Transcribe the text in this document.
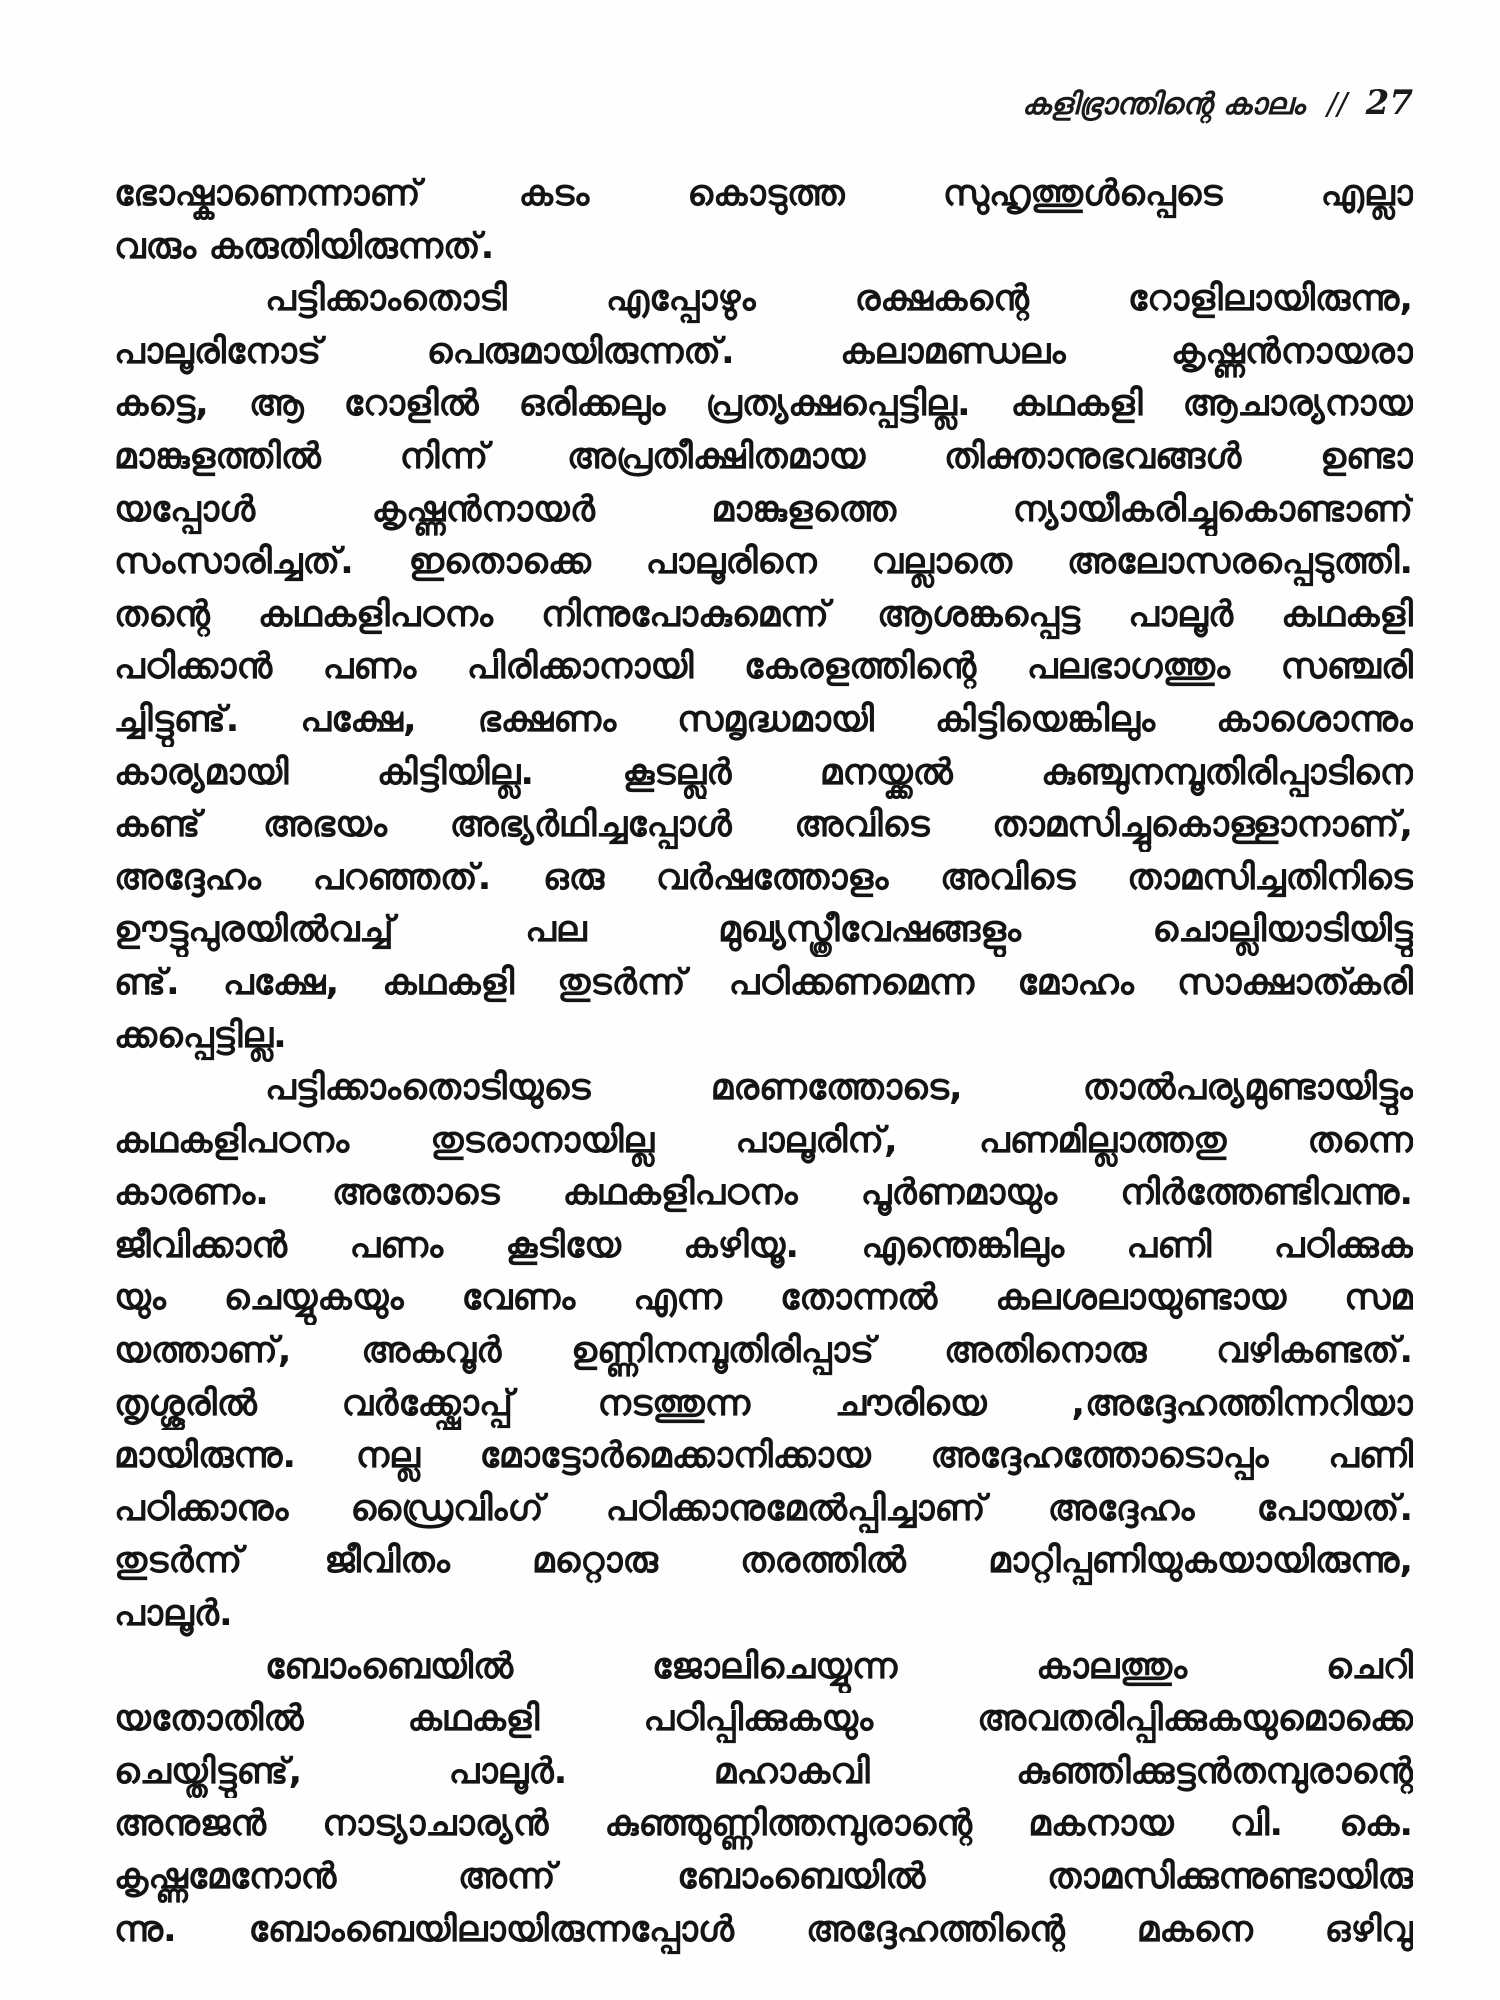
കളിഭ്രാന്തിന്റെ കാലം // 27
ഭോഷ്കാണെന്നാണ് കടം കൊടുത്ത സുഹൃത്തുൾപ്പെടെ എല്ലാ
വരും കരുതിയിരുന്നത്.
പട്ടിക്കാംതൊടി എപ്പോഴും രക്ഷകന്റെ റോളിലായിരുന്നു,
പാലൂരിനോട് പെരുമായിരുന്നത്. കലാമണ്ഡലം കൃഷ്ണൻനായരാ
കട്ടെ, ആ റോളിൽ ഒരിക്കലും പ്രത്യക്ഷപ്പെട്ടില്ല. കഥകളി ആചാര്യനായ
മാങ്കുളത്തിൽ നിന്ന് അപ്രതീക്ഷിതമായ തിക്താനുഭവങ്ങൾ ഉണ്ടാ
യപ്പോൾ കൃഷ്ണൻനായർ മാങ്കുളത്തെ ന്യായീകരിച്ചുകൊണ്ടാണ്
സംസാരിച്ചത്. ഇതൊക്കെ പാലൂരിനെ വല്ലാതെ അലോസരപ്പെടുത്തി.
തന്റെ കഥകളിപഠനം നിന്നുപോകുമെന്ന് ആശങ്കപ്പെട്ട പാലൂർ കഥകളി
പഠിക്കാൻ പണം പിരിക്കാനായി കേരളത്തിന്റെ പലഭാഗത്തും സഞ്ചരി
ച്ചിട്ടുണ്ട്. പക്ഷേ, ഭക്ഷണം സമൃദ്ധമായി കിട്ടിയെങ്കിലും കാശൊന്നും
കാര്യമായി കിട്ടിയില്ല. കൂടല്ലൂർ മനയ്ക്കൽ കുഞ്ചുനമ്പൂതിരിപ്പാടിനെ
കണ്ട് അഭയം അഭ്യർഥിച്ചപ്പോൾ അവിടെ താമസിച്ചുകൊള്ളാനാണ്,
അദ്ദേഹം പറഞ്ഞത്. ഒരു വർഷത്തോളം അവിടെ താമസിച്ചതിനിടെ
ഊട്ടുപുരയിൽവച്ച് പല മുഖ്യസ്ത്രീവേഷങ്ങളും ചൊല്ലിയാടിയിട്ടു
ണ്ട്. പക്ഷേ, കഥകളി തുടർന്ന് പഠിക്കണമെന്ന മോഹം സാക്ഷാത്കരി
ക്കപ്പെട്ടില്ല.
പട്ടിക്കാംതൊടിയുടെ മരണത്തോടെ, താൽപര്യമുണ്ടായിട്ടും
കഥകളിപഠനം തുടരാനായില്ല പാലൂരിന്, പണമില്ലാത്തതു തന്നെ
കാരണം. അതോടെ കഥകളിപഠനം പൂർണമായും നിർത്തേണ്ടിവന്നു.
ജീവിക്കാൻ പണം കൂടിയേ കഴിയൂ. എന്തെങ്കിലും പണി പഠിക്കുക
യും ചെയ്യുകയും വേണം എന്ന തോന്നൽ കലശലായുണ്ടായ സമ
യത്താണ്, അകവൂർ ഉണ്ണിനമ്പൂതിരിപ്പാട് അതിനൊരു വഴികണ്ടത്.
തൃശ്ശൂരിൽ വർക്ക്ഷോപ്പ് നടത്തുന്ന ചൗരിയെ ,അദ്ദേഹത്തിന്നറിയാ
മായിരുന്നു. നല്ല മോട്ടോർമെക്കാനിക്കായ അദ്ദേഹത്തോടൊപ്പം പണി
പഠിക്കാനും ഡ്രൈവിംഗ് പഠിക്കാനുമേൽപ്പിച്ചാണ് അദ്ദേഹം പോയത്.
തുടർന്ന് ജീവിതം മറ്റൊരു തരത്തിൽ മാറ്റിപ്പണിയുകയായിരുന്നു,
പാലൂർ.
ബോംബെയിൽ ജോലിചെയ്യുന്ന കാലത്തും ചെറി
യതോതിൽ കഥകളി പഠിപ്പിക്കുകയും അവതരിപ്പിക്കുകയുമൊക്കെ
ചെയ്തിട്ടുണ്ട്, പാലൂർ. മഹാകവി കുഞ്ഞിക്കുട്ടൻതമ്പുരാന്റെ
അനുജൻ നാട്യാചാര്യൻ കുഞ്ഞുണ്ണിത്തമ്പുരാന്റെ മകനായ വി. കെ.
കൃഷ്ണമേനോൻ അന്ന് ബോംബെയിൽ താമസിക്കുന്നുണ്ടായിരു
ന്നു. ബോംബെയിലായിരുന്നപ്പോൾ അദ്ദേഹത്തിന്റെ മകനെ ഒഴിവു
